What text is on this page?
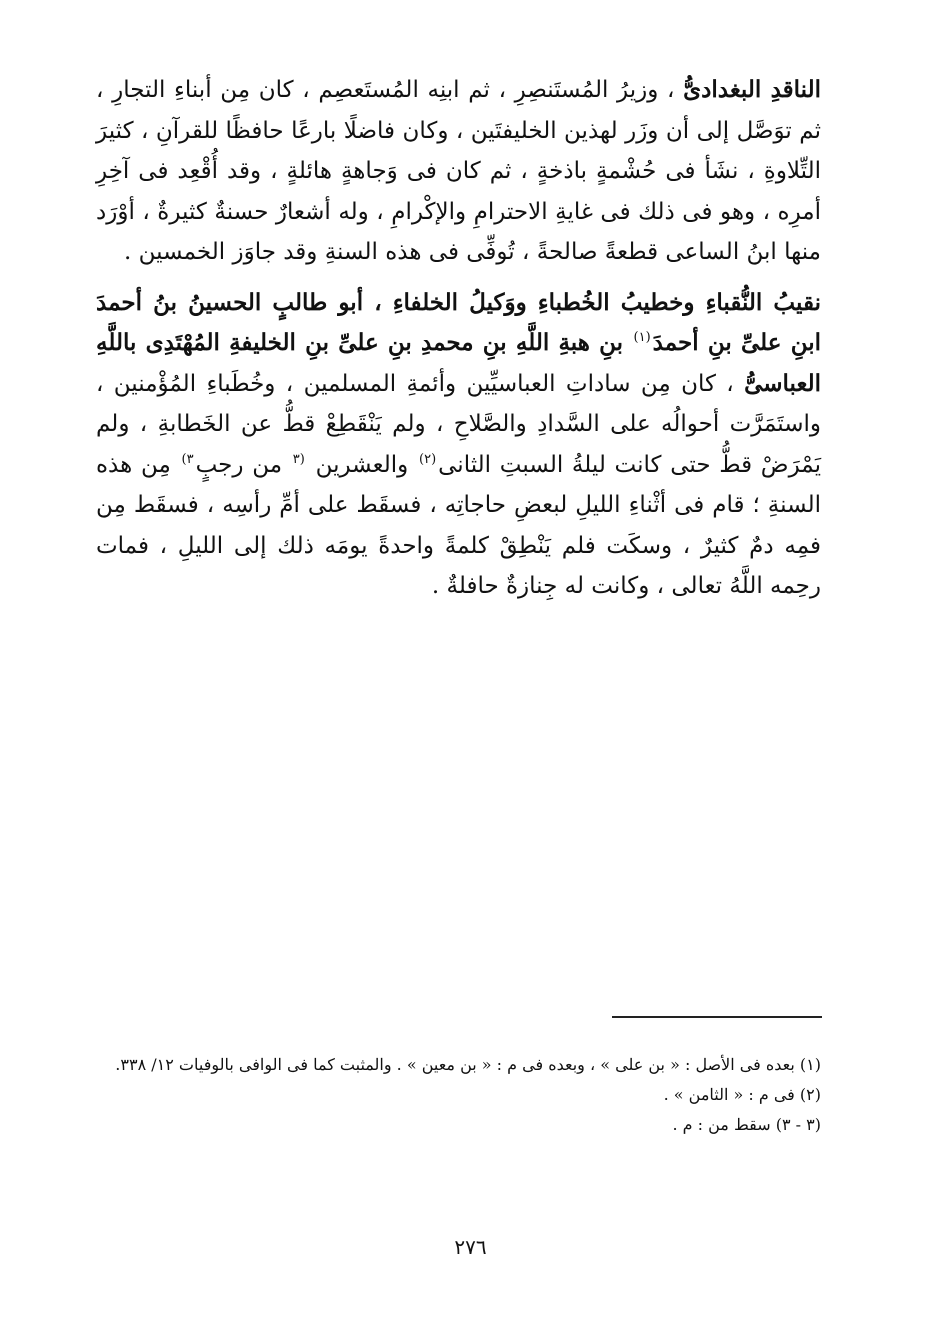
الناقدِ البغدادىُّ ، وزيرُ المُستَنصِرِ ، ثم ابنِه المُستَعصِم ، كان مِن أبناءِ التجارِ ، ثم توَصَّل إلى أن وزَر لهذين الخليفتَين ، وكان فاضلًا بارعًا حافظًا للقرآنِ ، كثيرَ التِّلاوةِ ، نشَأ فى حُشْمةٍ باذخةٍ ، ثم كان فى وَجاهةٍ هائلةٍ ، وقد أُقْعِد فى آخِرِ أمرِه ، وهو فى ذلك فى غايةِ الاحترامِ والإكْرامِ ، وله أشعارٌ حسنةٌ كثيرةٌ ، أوْرَد منها ابنُ الساعى قطعةً صالحةً ، تُوفِّى فى هذه السنةِ وقد جاوَز الخمسين .

نقيبُ النُّقباءِ وخطيبُ الخُطباءِ ووَكيلُ الخلفاءِ ، أبو طالبٍ الحسينُ بنُ أحمدَ ابنِ علىِّ بنِ أحمدَ$^{(١)}$ بنِ هبةِ اللَّهِ بنِ محمدِ بنِ علىِّ بنِ الخليفةِ المُهْتَدِى باللَّهِ العباسىُّ ، كان مِن ساداتِ العباسيِّين وأئمةِ المسلمين ، وخُطَباءِ المُؤْمنين ، واستَمَرَّت أحوالُه على السَّدادِ والصَّلاحِ ، ولم يَنْقَطِعْ قطُّ عن الخَطابةِ ، ولم يَمْرَضْ قطُّ حتى كانت ليلةُ السبتِ الثانى$^{(٢)}$ والعشرين $^{(٣}$ من رجبٍ$^{٣)}$ مِن هذه السنةِ ؛ قام فى أثْناءِ الليلِ لبعضِ حاجاتِه ، فسقَط على أمِّ رأسِه ، فسقَط مِن فمِه دمٌ كثيرٌ ، وسكَت فلم يَنْطِقْ كلمةً واحدةً يومَه ذلك إلى الليلِ ، فمات رحِمه اللَّهُ تعالى ، وكانت له جِنازةٌ حافلةٌ .

(١) بعده فى الأصل : « بن على » ، وبعده فى م : « بن معين » . والمثبت كما فى الوافى بالوفيات ١٢/ ٣٣٨.

(٢) فى م : « الثامن » .

(٣ - ٣) سقط من : م .

٢٧٦
